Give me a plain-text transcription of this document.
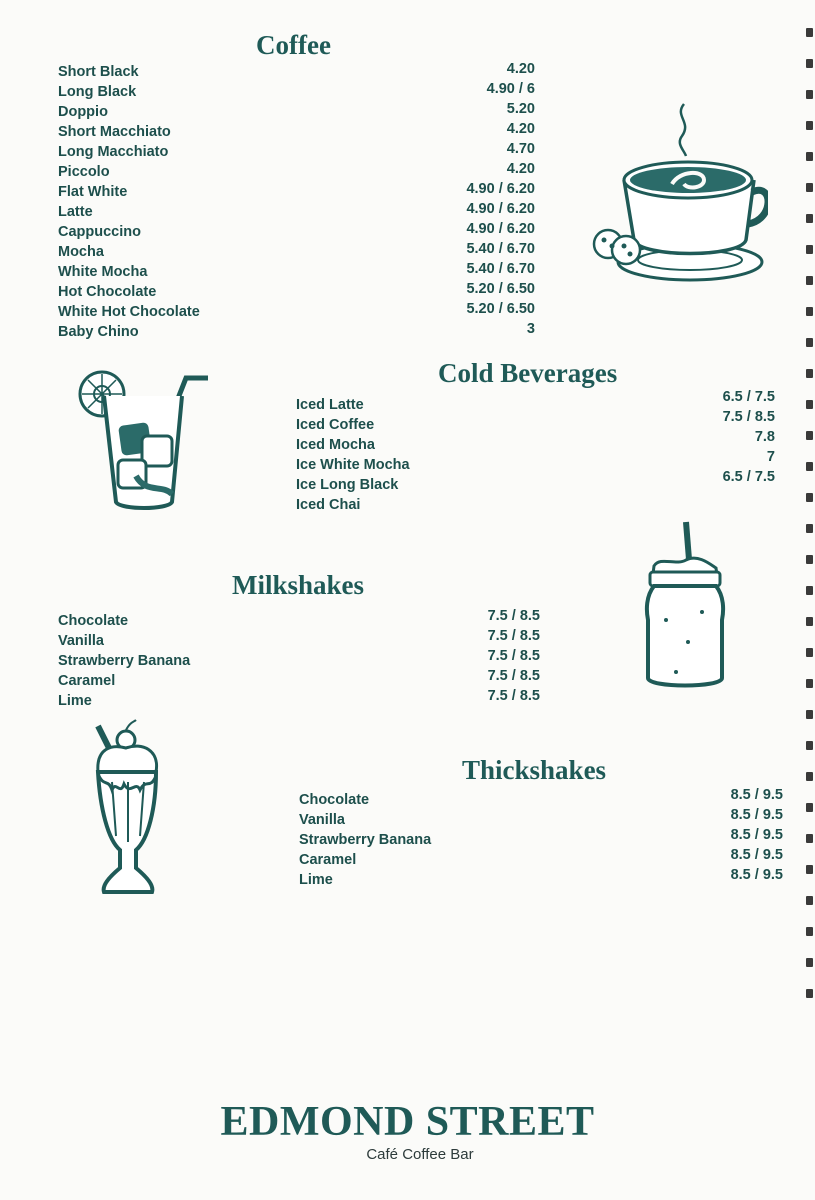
Coffee
Short Black
Long Black
Doppio
Short Macchiato
Long Macchiato
Piccolo
Flat White
Latte
Cappuccino
Mocha
White Mocha
Hot Chocolate
White Hot Chocolate
Baby Chino
4.20
4.90 / 6
5.20
4.20
4.70
4.20
4.90 / 6.20
4.90 / 6.20
4.90 / 6.20
5.40 / 6.70
5.40 / 6.70
5.20 / 6.50
5.20 / 6.50
3
Cold Beverages
Iced Latte
Iced Coffee
Iced Mocha
Ice White Mocha
Ice Long Black
Iced Chai
6.5 / 7.5
7.5 / 8.5
7.8
7
6.5 / 7.5
Milkshakes
Chocolate
Vanilla
Strawberry Banana
Caramel
Lime
7.5 / 8.5
7.5 / 8.5
7.5 / 8.5
7.5 / 8.5
7.5 / 8.5
Thickshakes
Chocolate
Vanilla
Strawberry Banana
Caramel
Lime
8.5 / 9.5
8.5 / 9.5
8.5 / 9.5
8.5 / 9.5
8.5 / 9.5
EDMOND STREET
Café Coffee Bar
